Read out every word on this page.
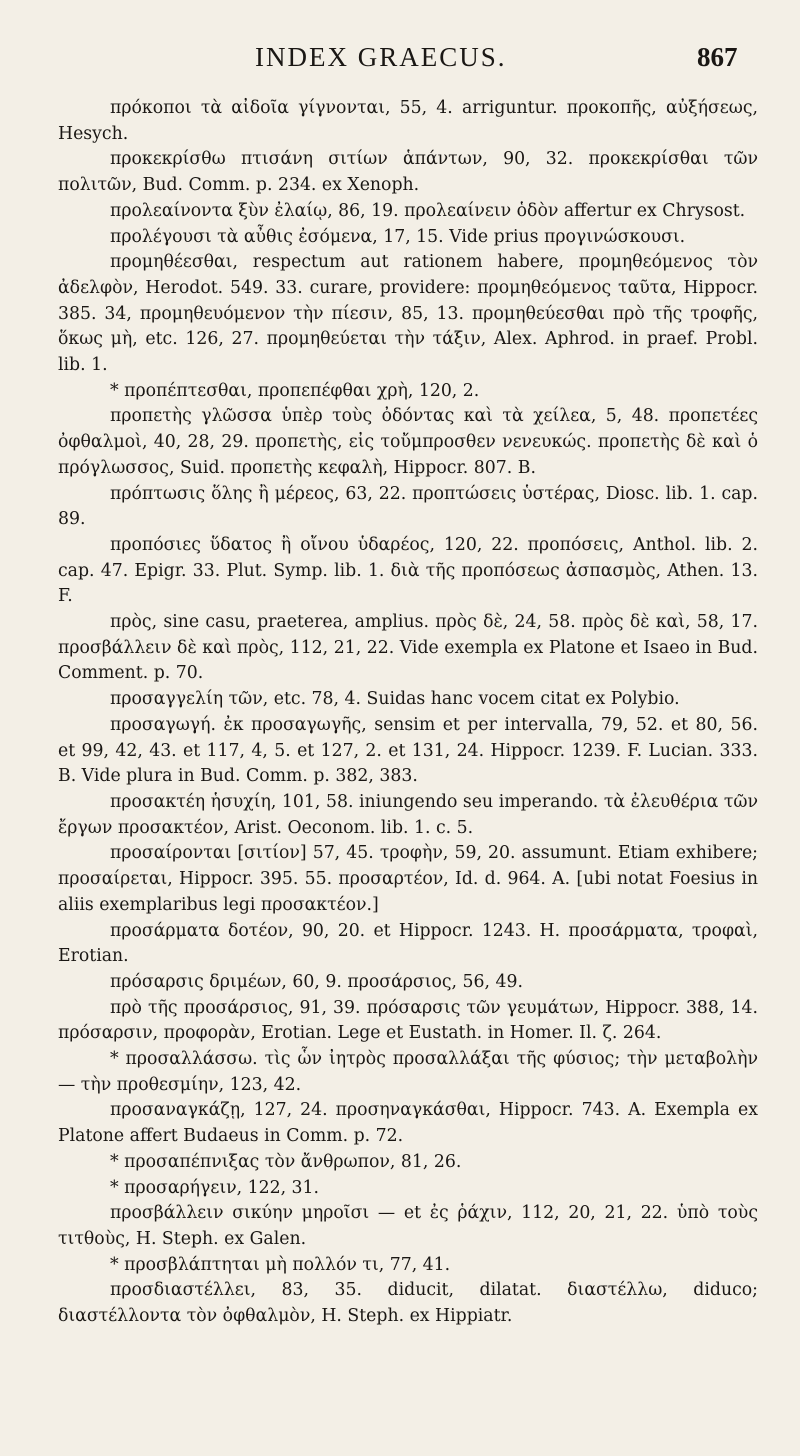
INDEX GRAECUS.	867

πρόκοποι τὰ αἰδοῖα γίγνονται, 55, 4. arriguntur. προκοπῆς, αὐξήσεως, Hesych.

προκεκρίσθω πτισάνη σιτίων ἁπάντων, 90, 32. προκεκρίσθαι τῶν πολιτῶν, Bud. Comm. p. 234. ex Xenoph.

προλεαίνοντα ξὺν ἐλαίῳ, 86, 19. προλεαίνειν ὁδὸν affertur ex Chrysost.

προλέγουσι τὰ αὖθις ἐσόμενα, 17, 15. Vide prius προγινώσκουσι.

προμηθέεσθαι, respectum aut rationem habere, προμηθεόμενος τὸν ἀδελφὸν, Herodot. 549. 33. curare, providere: προμηθεόμενος ταῦτα, Hippocr. 385. 34, προμηθευόμενον τὴν πίεσιν, 85, 13. προμηθεύεσθαι πρὸ τῆς τροφῆς, ὅκως μὴ, etc. 126, 27. προμηθεύεται τὴν τάξιν, Alex. Aphrod. in praef. Probl. lib. 1.

* προπέπτεσθαι, προπεπέφθαι χρὴ, 120, 2.

προπετὴς γλῶσσα ὑπὲρ τοὺς ὀδόντας καὶ τὰ χείλεα, 5, 48. προπετέες ὀφθαλμοὶ, 40, 28, 29. προπετὴς, εἰς τοὔμπροσθεν νενευκώς. προπετὴς δὲ καὶ ὁ πρόγλωσσος, Suid. προπετὴς κεφαλὴ, Hippocr. 807. B.

πρόπτωσις ὅλης ἢ μέρεος, 63, 22. προπτώσεις ὑστέρας, Diosc. lib. 1. cap. 89.

προπόσιες ὕδατος ἢ οἴνου ὑδαρέος, 120, 22. προπόσεις, Anthol. lib. 2. cap. 47. Epigr. 33. Plut. Symp. lib. 1. διὰ τῆς προπόσεως ἀσπασμὸς, Athen. 13. F.

πρὸς, sine casu, praeterea, amplius. πρὸς δὲ, 24, 58. πρὸς δὲ καὶ, 58, 17. προσβάλλειν δὲ καὶ πρὸς, 112, 21, 22. Vide exempla ex Platone et Isaeo in Bud. Comment. p. 70.

προσαγγελίη τῶν, etc. 78, 4. Suidas hanc vocem citat ex Polybio.

προσαγωγή. ἐκ προσαγωγῆς, sensim et per intervalla, 79, 52. et 80, 56. et 99, 42, 43. et 117, 4, 5. et 127, 2. et 131, 24. Hippocr. 1239. F. Lucian. 333. B. Vide plura in Bud. Comm. p. 382, 383.

προσακτέη ἡσυχίη, 101, 58. iniungendo seu imperando. τὰ ἐλευθέρια τῶν ἔργων προσακτέον, Arist. Oeconom. lib. 1. c. 5.

προσαίρονται [σιτίον] 57, 45. τροφὴν, 59, 20. assumunt. Etiam exhibere; προσαίρεται, Hippocr. 395. 55. προσαρτέον, Id. d. 964. A. [ubi notat Foesius in aliis exemplaribus legi προσακτέον.]

προσάρματα δοτέον, 90, 20. et Hippocr. 1243. H. προσάρματα, τροφαὶ, Erotian.

πρόσαρσις δριμέων, 60, 9. προσάρσιος, 56, 49.

πρὸ τῆς προσάρσιος, 91, 39. πρόσαρσις τῶν γευμάτων, Hippocr. 388, 14. πρόσαρσιν, προφορὰν, Erotian. Lege et Eustath. in Homer. Il. ζ. 264.

* προσαλλάσσω. τὶς ὧν ἰητρὸς προσαλλάξαι τῆς φύσιος; τὴν μεταβολὴν — τὴν προθεσμίην, 123, 42.

προσαναγκάζῃ, 127, 24. προσηναγκάσθαι, Hippocr. 743. A. Exempla ex Platone affert Budaeus in Comm. p. 72.

* προσαπέπνιξας τὸν ἄνθρωπον, 81, 26.

* προσαρήγειν, 122, 31.

προσβάλλειν σικύην μηροῖσι — et ἐς ῥάχιν, 112, 20, 21, 22. ὑπὸ τοὺς τιτθοὺς, H. Steph. ex Galen.

* προσβλάπτηται μὴ πολλόν τι, 77, 41.

προσδιαστέλλει, 83, 35. diducit, dilatat. διαστέλλω, diduco; διαστέλλοντα τὸν ὀφθαλμὸν, H. Steph. ex Hippiatr.
